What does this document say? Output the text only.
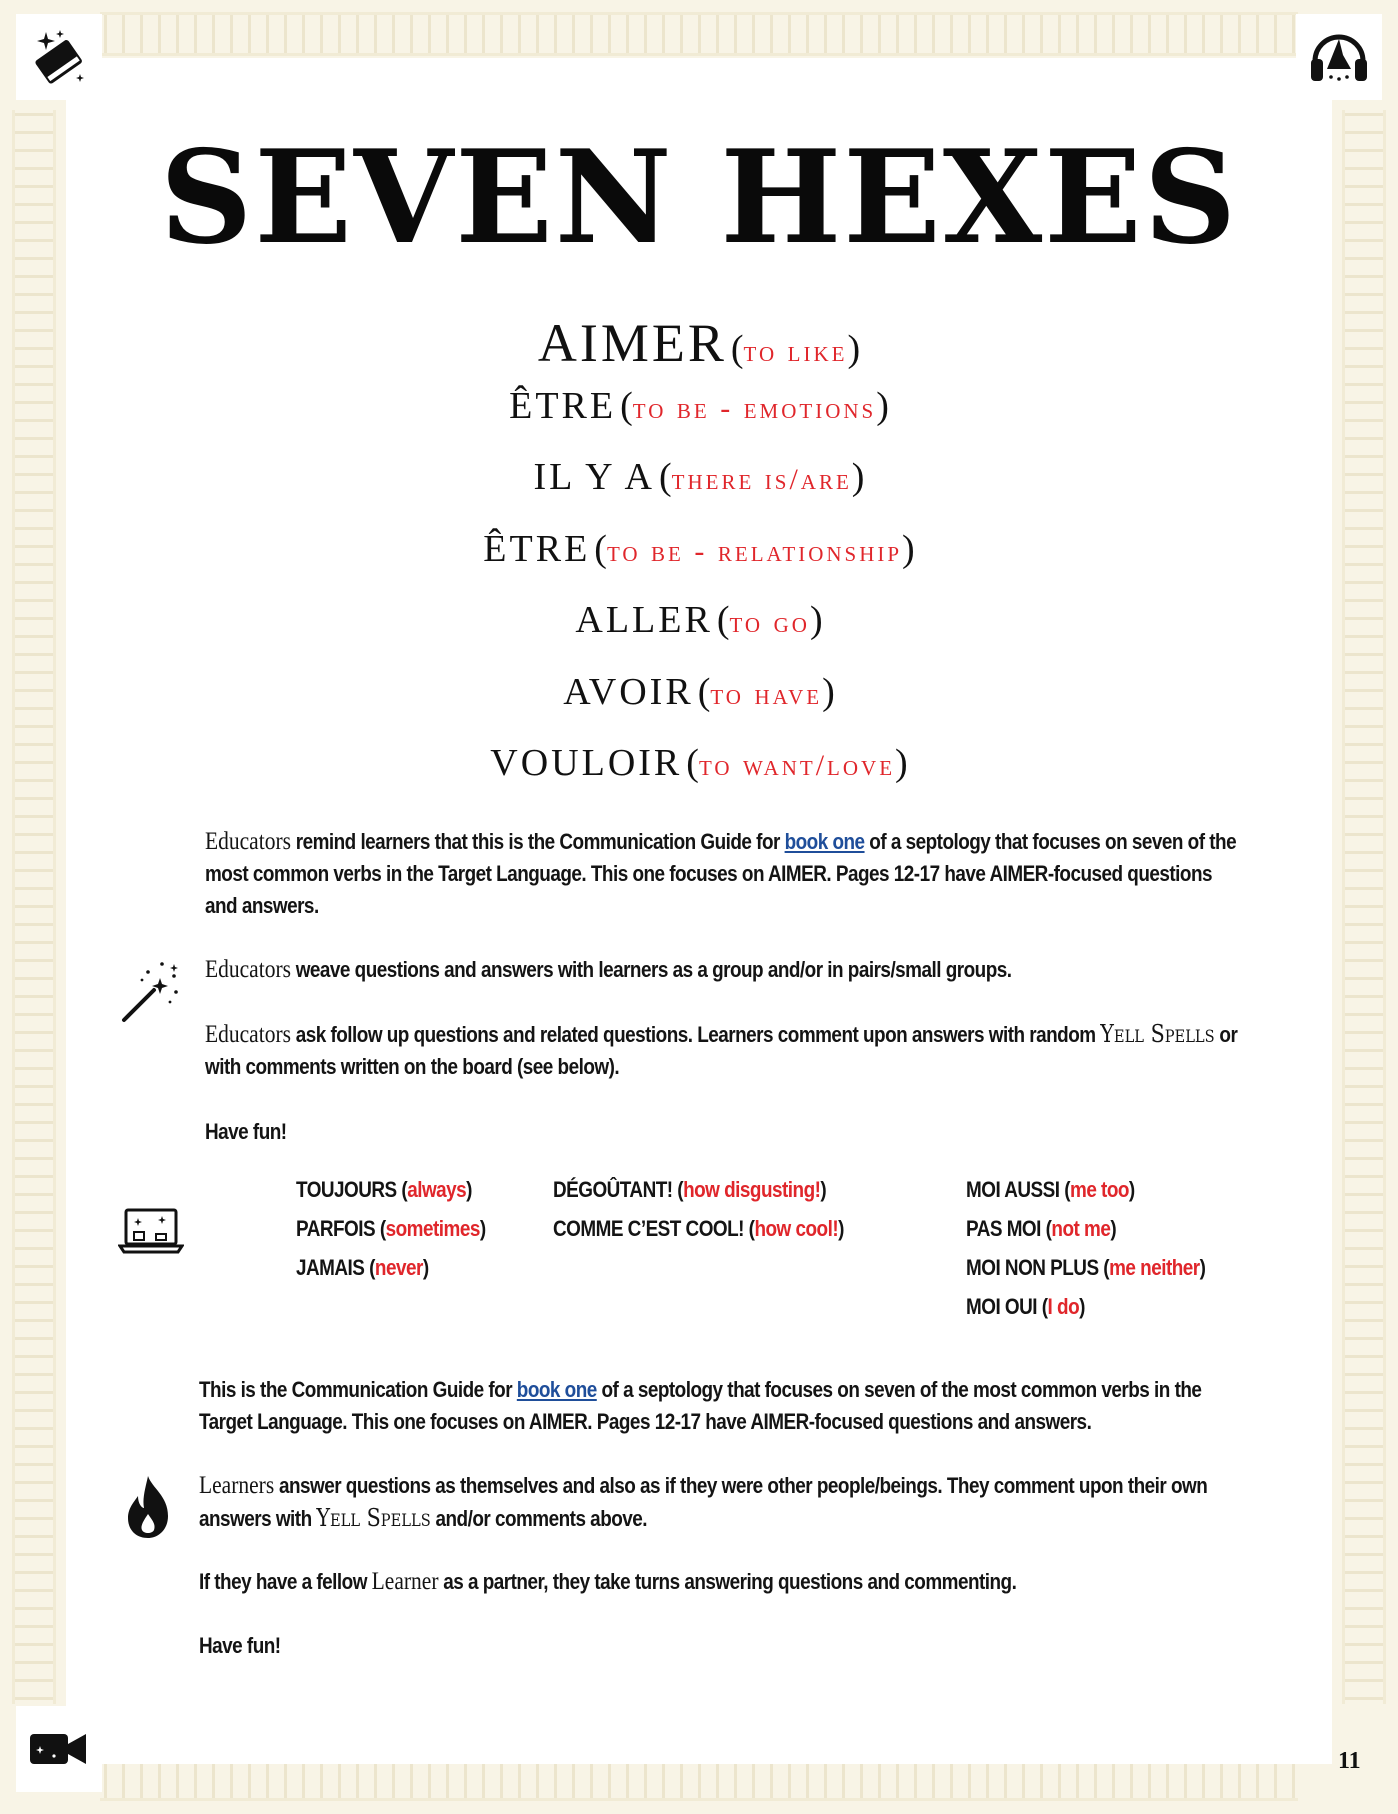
SEVEN HEXES
AIMER (to like)
ÊTRE (to be - emotions)
IL Y A (there is/are)
ÊTRE (to be - relationship)
ALLER (to go)
AVOIR (to have)
VOULOIR (to want/love)

Educators remind learners that this is the Communication Guide for book one of a septology that focuses on seven of the most common verbs in the Target Language. This one focuses on AIMER. Pages 12-17 have AIMER-focused questions and answers.

Educators weave questions and answers with learners as a group and/or in pairs/small groups.

Educators ask follow up questions and related questions. Learners comment upon answers with random Yell Spells or with comments written on the board (see below).

Have fun!

TOUJOURS (always)
PARFOIS (sometimes)
JAMAIS (never)
DÉGOÛTANT! (how disgusting!)
COMME C’EST COOL! (how cool!)
MOI AUSSI (me too)
PAS MOI (not me)
MOI NON PLUS (me neither)
MOI OUI (I do)

This is the Communication Guide for book one of a septology that focuses on seven of the most common verbs in the Target Language. This one focuses on AIMER. Pages 12-17 have AIMER-focused questions and answers.

Learners answer questions as themselves and also as if they were other people/beings. They comment upon their own answers with Yell Spells and/or comments above.

If they have a fellow Learner as a partner, they take turns answering questions and commenting.

Have fun!

11
